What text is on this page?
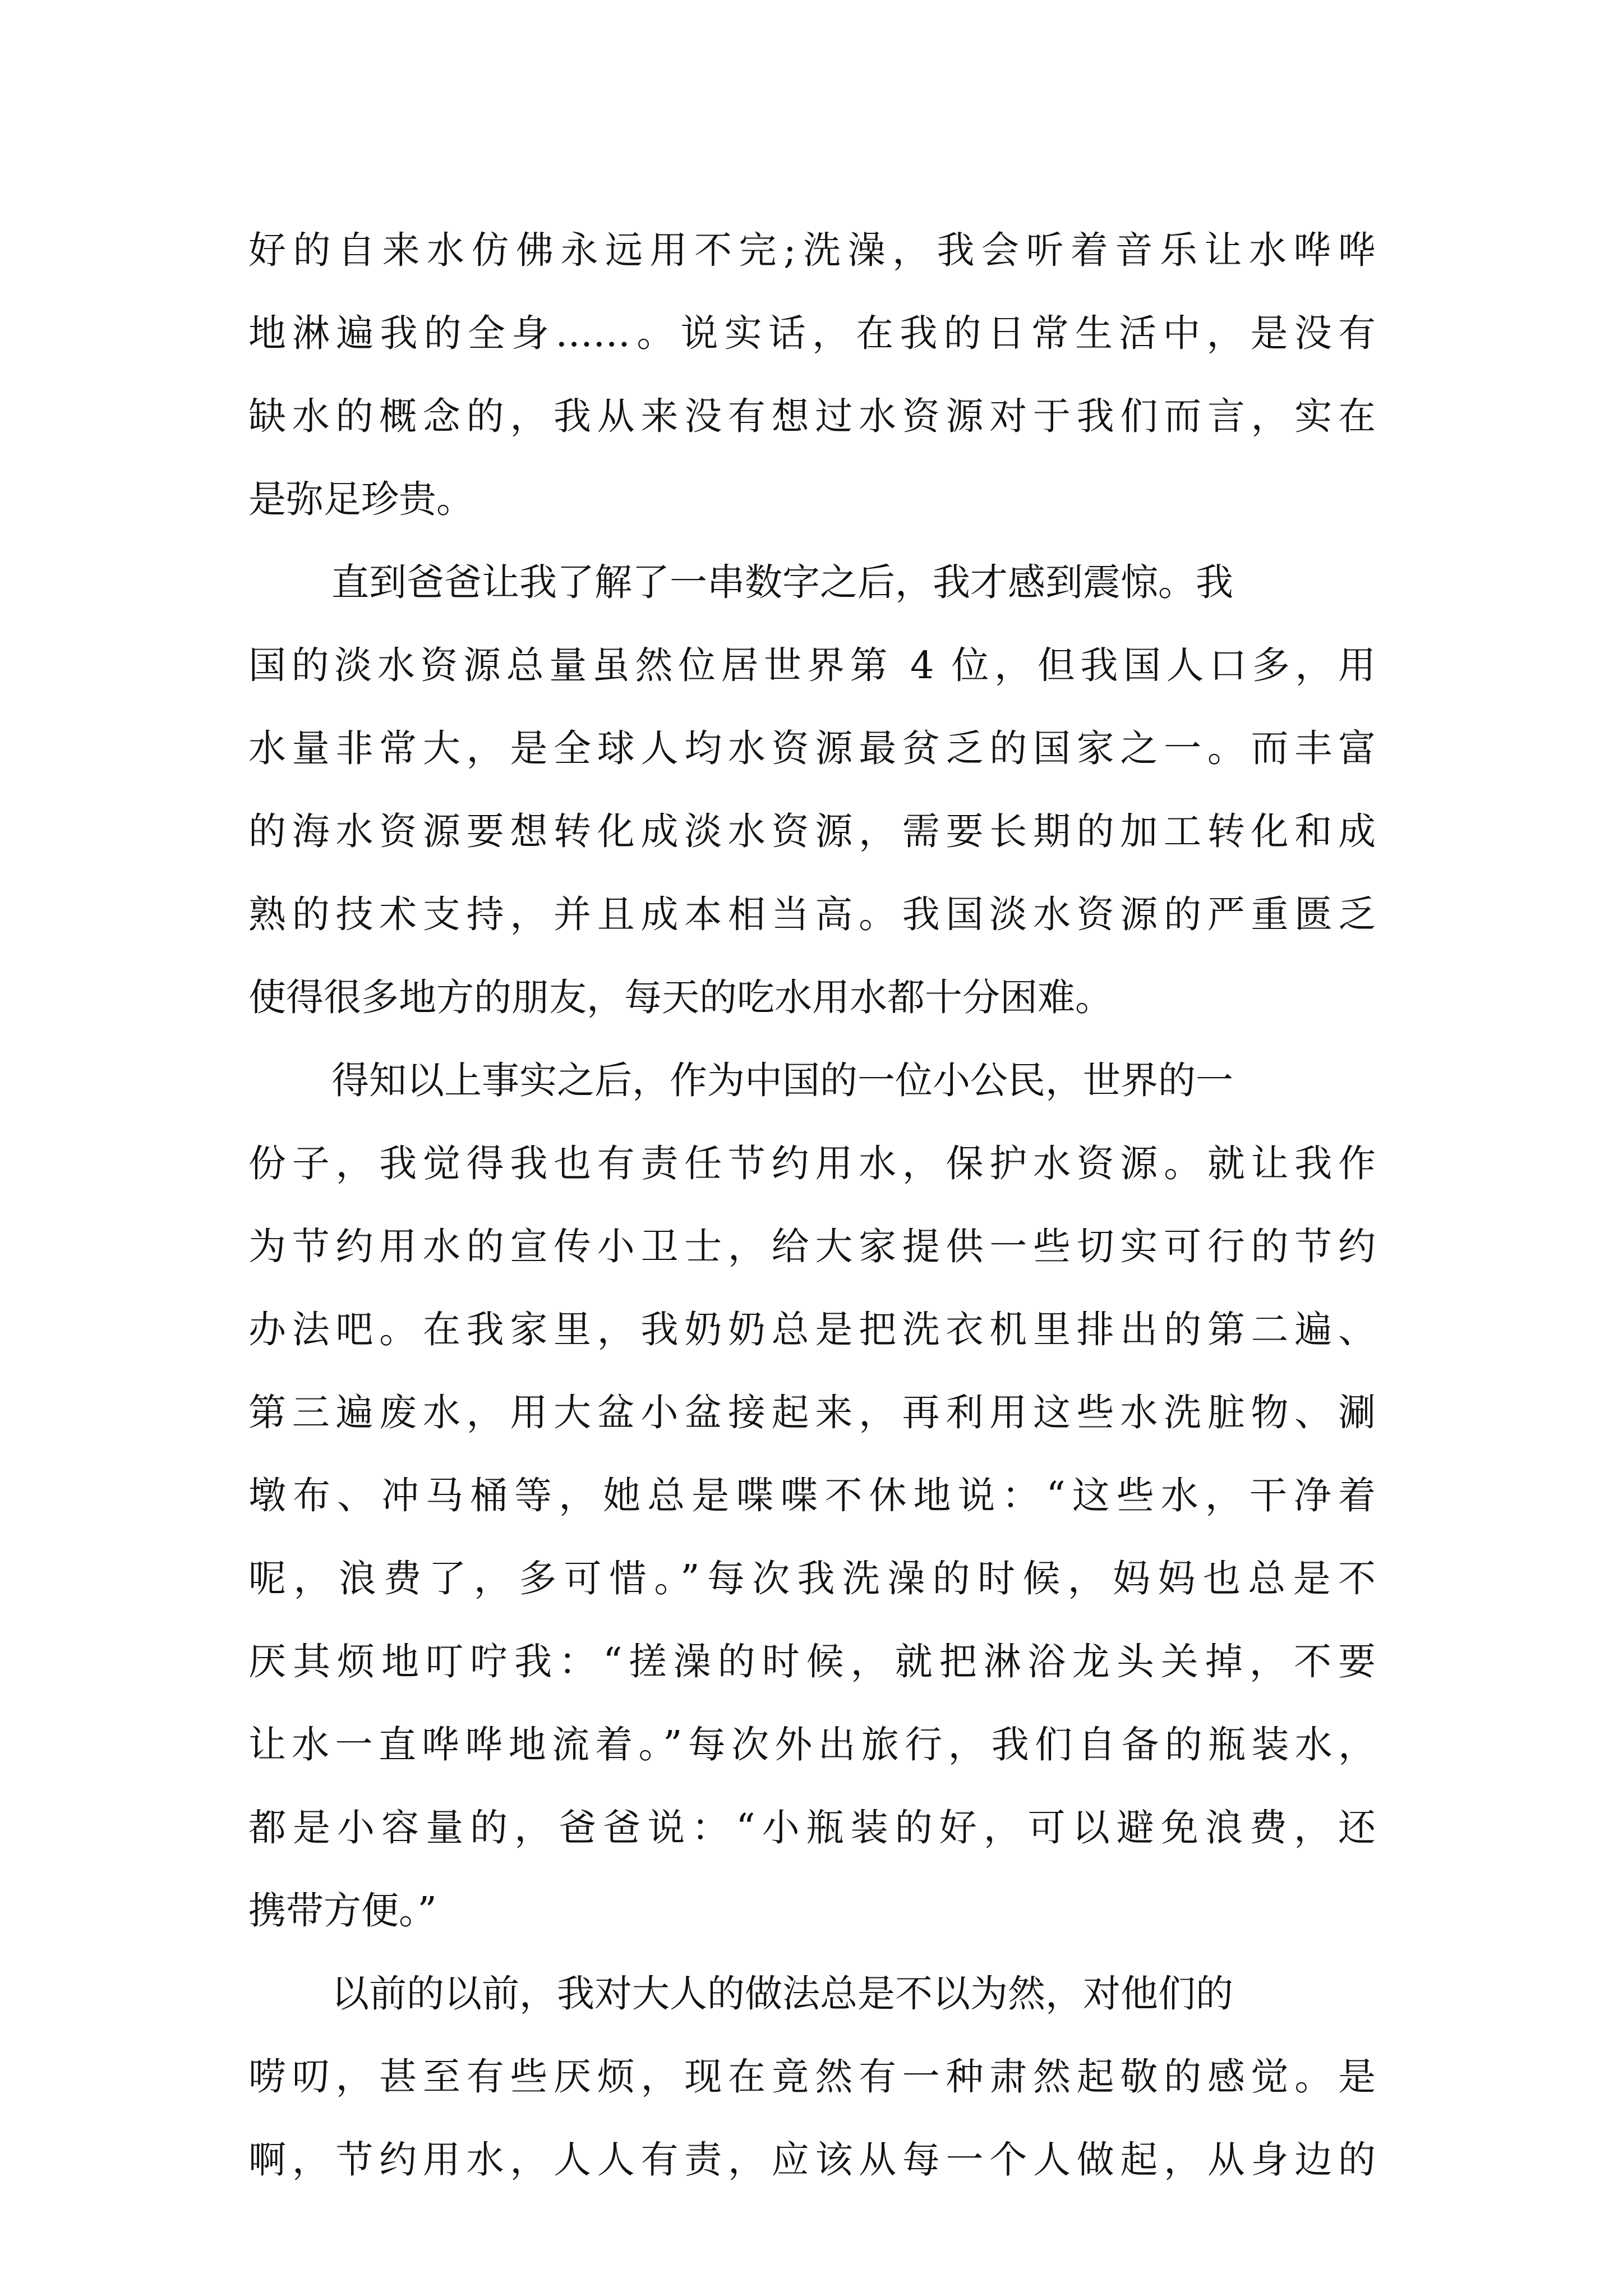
好的自来水仿佛永远用不完;洗澡，我会听着音乐让水哗哗
地淋遍我的全身……。说实话，在我的日常生活中，是没有
缺水的概念的，我从来没有想过水资源对于我们而言，实在
是弥足珍贵。
直到爸爸让我了解了一串数字之后，我才感到震惊。我
国的淡水资源总量虽然位居世界第 4 位，但我国人口多，用
水量非常大，是全球人均水资源最贫乏的国家之一。而丰富
的海水资源要想转化成淡水资源，需要长期的加工转化和成
熟的技术支持，并且成本相当高。我国淡水资源的严重匮乏
使得很多地方的朋友，每天的吃水用水都十分困难。
得知以上事实之后，作为中国的一位小公民，世界的一
份子，我觉得我也有责任节约用水，保护水资源。就让我作
为节约用水的宣传小卫士，给大家提供一些切实可行的节约
办法吧。在我家里，我奶奶总是把洗衣机里排出的第二遍、
第三遍废水，用大盆小盆接起来，再利用这些水洗脏物、涮
墩布、冲马桶等，她总是喋喋不休地说：“这些水，干净着
呢，浪费了，多可惜。”每次我洗澡的时候，妈妈也总是不
厌其烦地叮咛我：“搓澡的时候，就把淋浴龙头关掉，不要
让水一直哗哗地流着。”每次外出旅行，我们自备的瓶装水，
都是小容量的，爸爸说：“小瓶装的好，可以避免浪费，还
携带方便。”
以前的以前，我对大人的做法总是不以为然，对他们的
唠叨，甚至有些厌烦，现在竟然有一种肃然起敬的感觉。是
啊，节约用水，人人有责，应该从每一个人做起，从身边的
